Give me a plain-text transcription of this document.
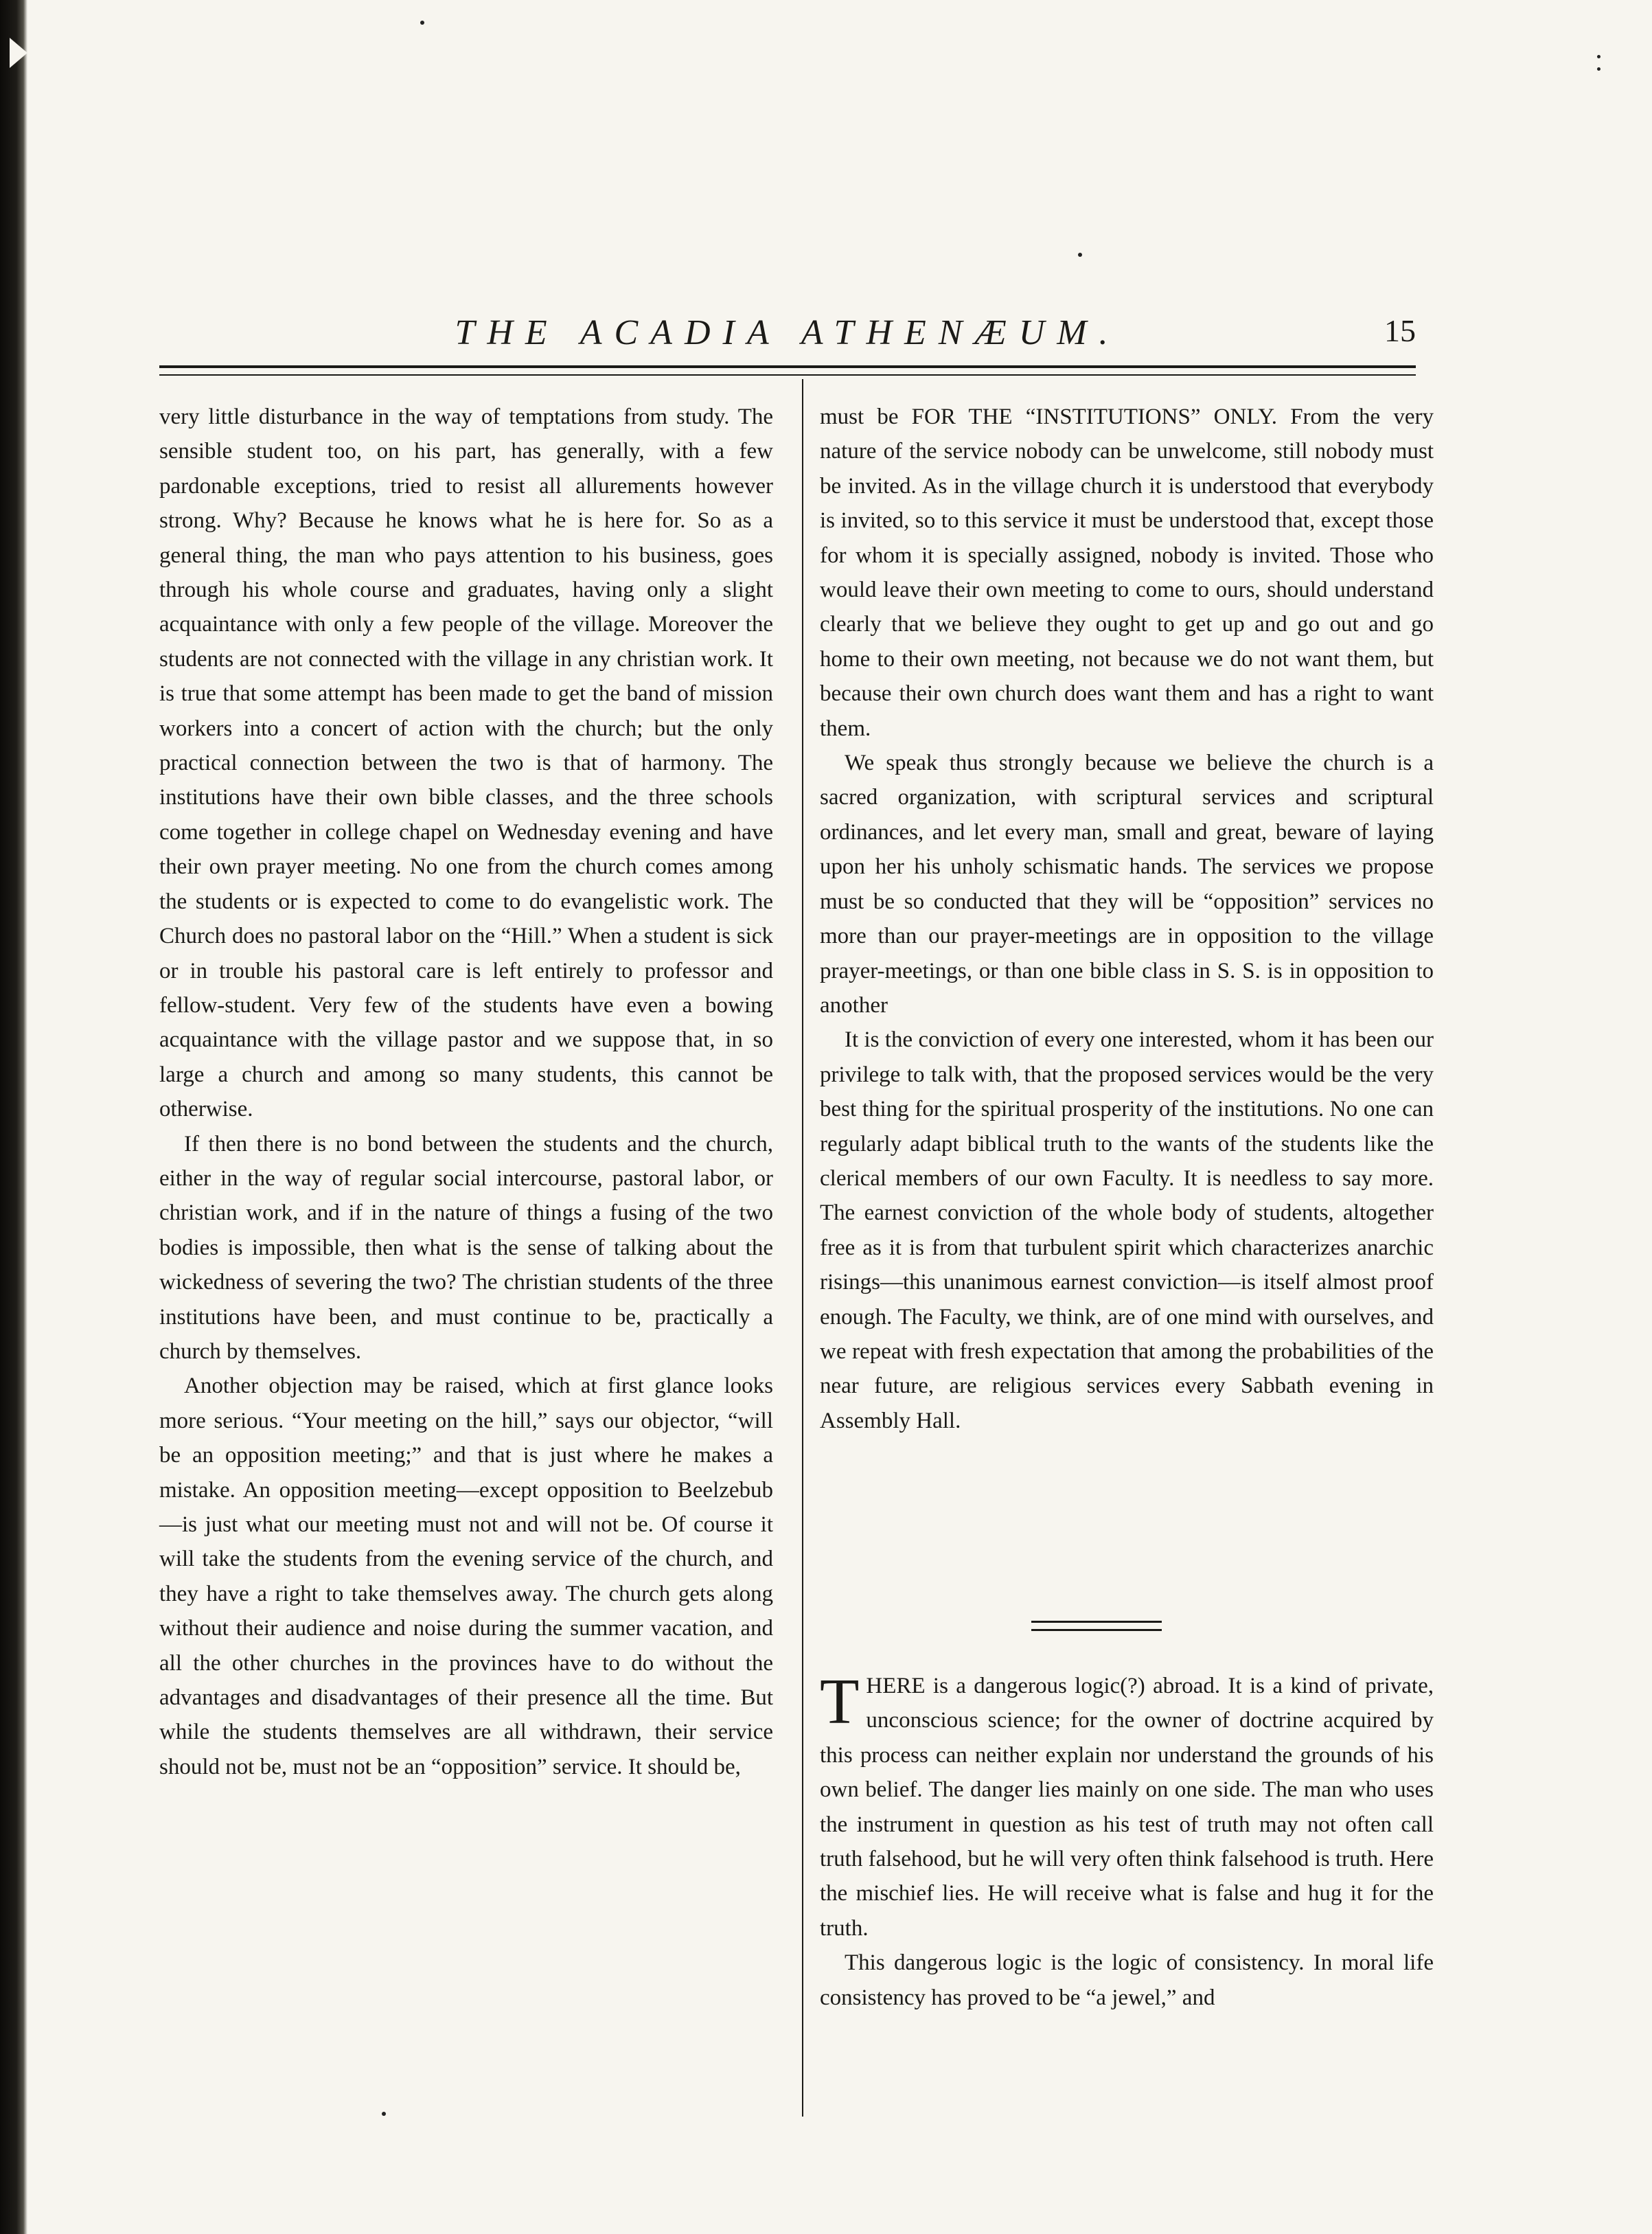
THE ACADIA ATHENÆUM.	15

very little disturbance in the way of temptations from study. The sensible student too, on his part, has generally, with a few pardonable exceptions, tried to resist all allurements however strong. Why? Because he knows what he is here for. So as a general thing, the man who pays attention to his business, goes through his whole course and graduates, having only a slight acquaintance with only a few people of the village. Moreover the students are not connected with the village in any christian work. It is true that some attempt has been made to get the band of mission workers into a concert of action with the church; but the only practical connection between the two is that of harmony. The institutions have their own bible classes, and the three schools come together in college chapel on Wednesday evening and have their own prayer meeting. No one from the church comes among the students or is expected to come to do evangelistic work. The Church does no pastoral labor on the “Hill.” When a student is sick or in trouble his pastoral care is left entirely to professor and fellow-student. Very few of the students have even a bowing acquaintance with the village pastor and we suppose that, in so large a church and among so many students, this cannot be otherwise.

If then there is no bond between the students and the church, either in the way of regular social intercourse, pastoral labor, or christian work, and if in the nature of things a fusing of the two bodies is impossible, then what is the sense of talking about the wickedness of severing the two? The christian students of the three institutions have been, and must continue to be, practically a church by themselves.

Another objection may be raised, which at first glance looks more serious. “Your meeting on the hill,” says our objector, “will be an opposition meeting;” and that is just where he makes a mistake. An opposition meeting—except opposition to Beelzebub—is just what our meeting must not and will not be. Of course it will take the students from the evening service of the church, and they have a right to take themselves away. The church gets along without their audience and noise during the summer vacation, and all the other churches in the provinces have to do without the advantages and disadvantages of their presence all the time. But while the students themselves are all withdrawn, their service should not be, must not be an “opposition” service. It should be,

must be FOR THE “INSTITUTIONS” ONLY. From the very nature of the service nobody can be unwelcome, still nobody must be invited. As in the village church it is understood that everybody is invited, so to this service it must be understood that, except those for whom it is specially assigned, nobody is invited. Those who would leave their own meeting to come to ours, should understand clearly that we believe they ought to get up and go out and go home to their own meeting, not because we do not want them, but because their own church does want them and has a right to want them.

We speak thus strongly because we believe the church is a sacred organization, with scriptural services and scriptural ordinances, and let every man, small and great, beware of laying upon her his unholy schismatic hands. The services we propose must be so conducted that they will be “opposition” services no more than our prayer-meetings are in opposition to the village prayer-meetings, or than one bible class in S. S. is in opposition to another

It is the conviction of every one interested, whom it has been our privilege to talk with, that the proposed services would be the very best thing for the spiritual prosperity of the institutions. No one can regularly adapt biblical truth to the wants of the students like the clerical members of our own Faculty. It is needless to say more. The earnest conviction of the whole body of students, altogether free as it is from that turbulent spirit which characterizes anarchic risings—this unanimous earnest conviction—is itself almost proof enough. The Faculty, we think, are of one mind with ourselves, and we repeat with fresh expectation that among the probabilities of the near future, are religious services every Sabbath evening in Assembly Hall.

THERE is a dangerous logic(?) abroad. It is a kind of private, unconscious science; for the owner of doctrine acquired by this process can neither explain nor understand the grounds of his own belief. The danger lies mainly on one side. The man who uses the instrument in question as his test of truth may not often call truth falsehood, but he will very often think falsehood is truth. Here the mischief lies. He will receive what is false and hug it for the truth.

This dangerous logic is the logic of consistency. In moral life consistency has proved to be “a jewel,” and
